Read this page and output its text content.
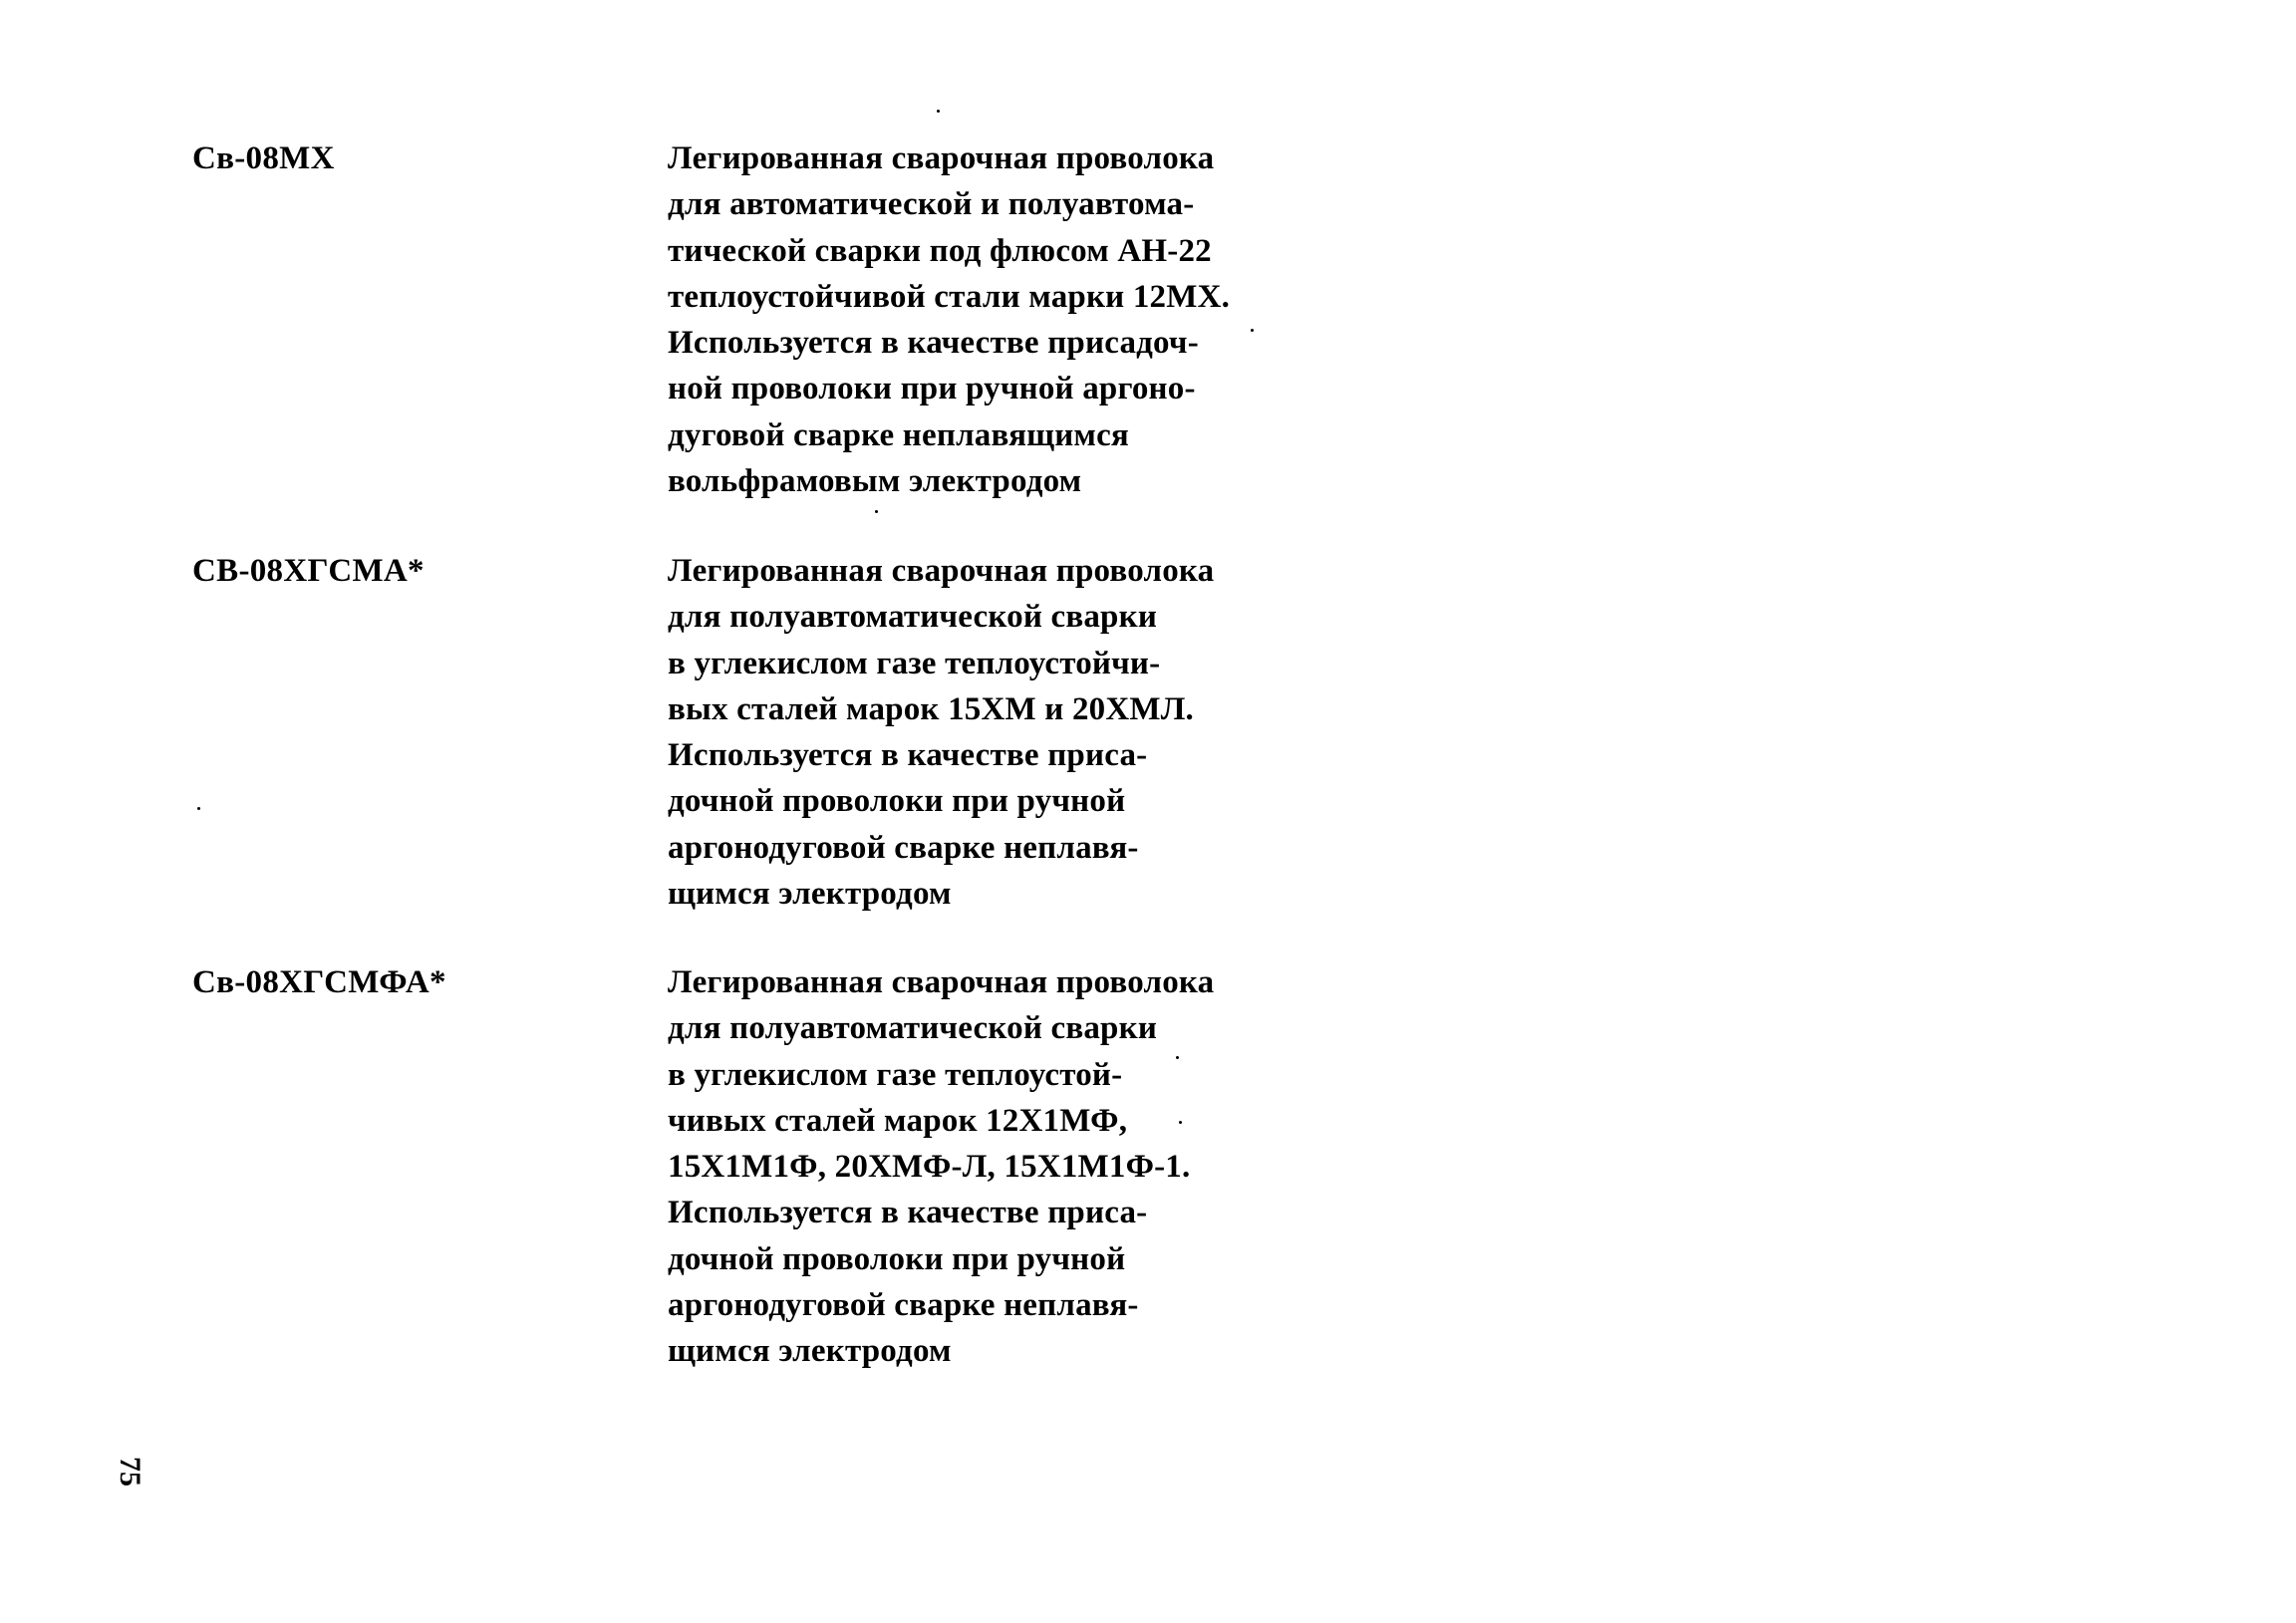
Св-08МХ	Легированная сварочная проволока
для автоматической и полуавтома-
тической сварки под флюсом АН-22
теплоустойчивой стали марки 12МХ.
Используется в качестве присадоч-
ной проволоки при ручной аргоно-
дуговой сварке неплавящимся
вольфрамовым электродом
СВ-08ХГСМА*	Легированная сварочная проволока
для полуавтоматической сварки
в углекислом газе теплоустойчи-
вых сталей марок 15ХМ и 20ХМЛ.
Используется в качестве приса-
дочной проволоки при ручной
аргонодуговой сварке неплавя-
щимся электродом
Св-08ХГСМФА*	Легированная сварочная проволока
для полуавтоматической сварки
в углекислом газе теплоустой-
чивых сталей марок 12Х1МФ,
15Х1М1Ф, 20ХМФ-Л, 15Х1М1Ф-1.
Используется в качестве приса-
дочной проволоки при ручной
аргонодуговой сварке неплавя-
щимся электродом
75
